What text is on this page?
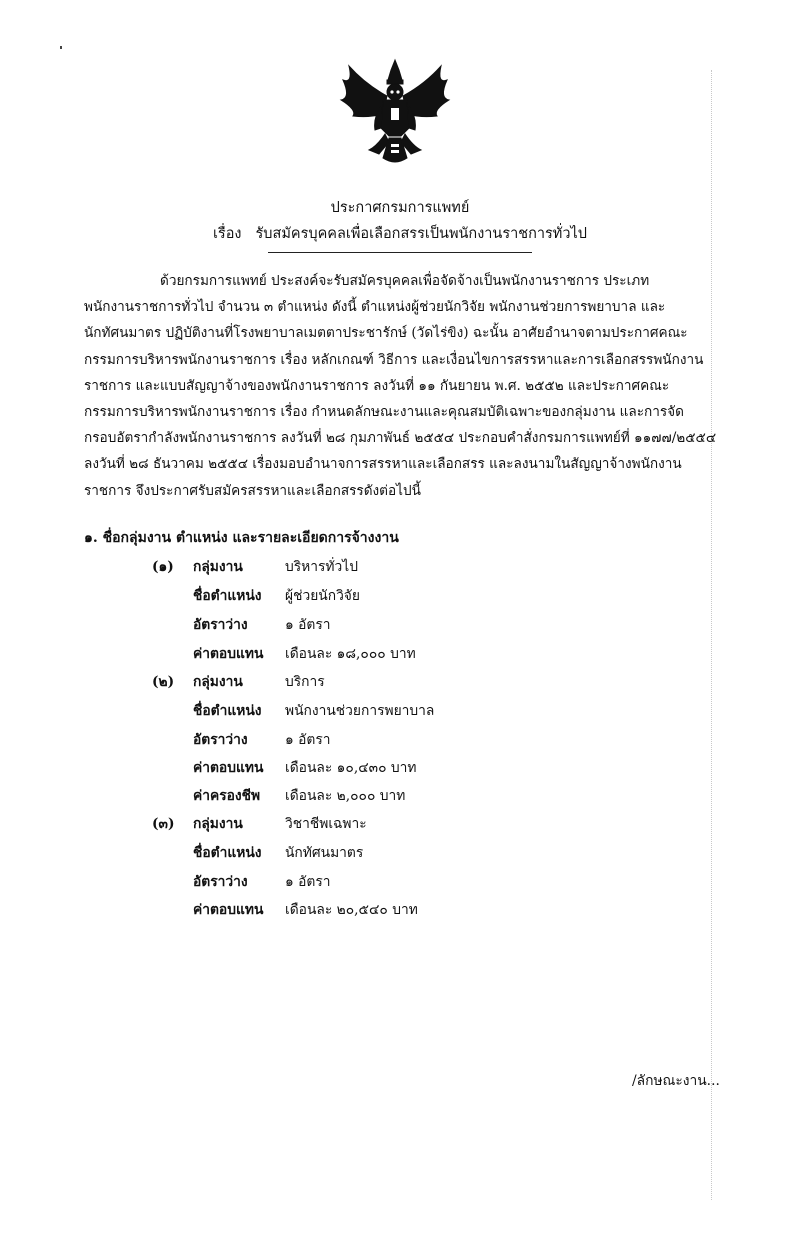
ประกาศกรมการแพทย์
เรื่อง รับสมัครบุคคลเพื่อเลือกสรรเป็นพนักงานราชการทั่วไป
ด้วยกรมการแพทย์ ประสงค์จะรับสมัครบุคคลเพื่อจัดจ้างเป็นพนักงานราชการ ประเภท
พนักงานราชการทั่วไป จำนวน ๓ ตำแหน่ง ดังนี้ ตำแหน่งผู้ช่วยนักวิจัย พนักงานช่วยการพยาบาล และ
นักทัศนมาตร ปฏิบัติงานที่โรงพยาบาลเมตตาประชารักษ์ (วัดไร่ขิง) ฉะนั้น อาศัยอำนาจตามประกาศคณะ
กรรมการบริหารพนักงานราชการ เรื่อง หลักเกณฑ์ วิธีการ และเงื่อนไขการสรรหาและการเลือกสรรพนักงาน
ราชการ และแบบสัญญาจ้างของพนักงานราชการ ลงวันที่ ๑๑ กันยายน พ.ศ. ๒๕๕๒ และประกาศคณะ
กรรมการบริหารพนักงานราชการ เรื่อง กำหนดลักษณะงานและคุณสมบัติเฉพาะของกลุ่มงาน และการจัด
กรอบอัตรากำลังพนักงานราชการ ลงวันที่ ๒๘ กุมภาพันธ์ ๒๕๕๔ ประกอบคำสั่งกรมการแพทย์ที่ ๑๑๗๗/๒๕๕๔
ลงวันที่ ๒๘ ธันวาคม ๒๕๕๔ เรื่องมอบอำนาจการสรรหาและเลือกสรร และลงนามในสัญญาจ้างพนักงาน
ราชการ จึงประกาศรับสมัครสรรหาและเลือกสรรดังต่อไปนี้
๑. ชื่อกลุ่มงาน ตำแหน่ง และรายละเอียดการจ้างงาน
(๑)	กลุ่มงาน	บริหารทั่วไป
ชื่อตำแหน่ง ผู้ช่วยนักวิจัย
อัตราว่าง	๑ อัตรา
ค่าตอบแทน เดือนละ ๑๘,๐๐๐ บาท
(๒)	กลุ่มงาน	บริการ
ชื่อตำแหน่ง พนักงานช่วยการพยาบาล
อัตราว่าง	๑ อัตรา
ค่าตอบแทน เดือนละ ๑๐,๔๓๐ บาท
ค่าครองชีพ เดือนละ ๒,๐๐๐ บาท
(๓)	กลุ่มงาน	วิชาชีพเฉพาะ
ชื่อตำแหน่ง นักทัศนมาตร
อัตราว่าง	๑ อัตรา
ค่าตอบแทน เดือนละ ๒๐,๕๔๐ บาท
/ลักษณะงาน...
